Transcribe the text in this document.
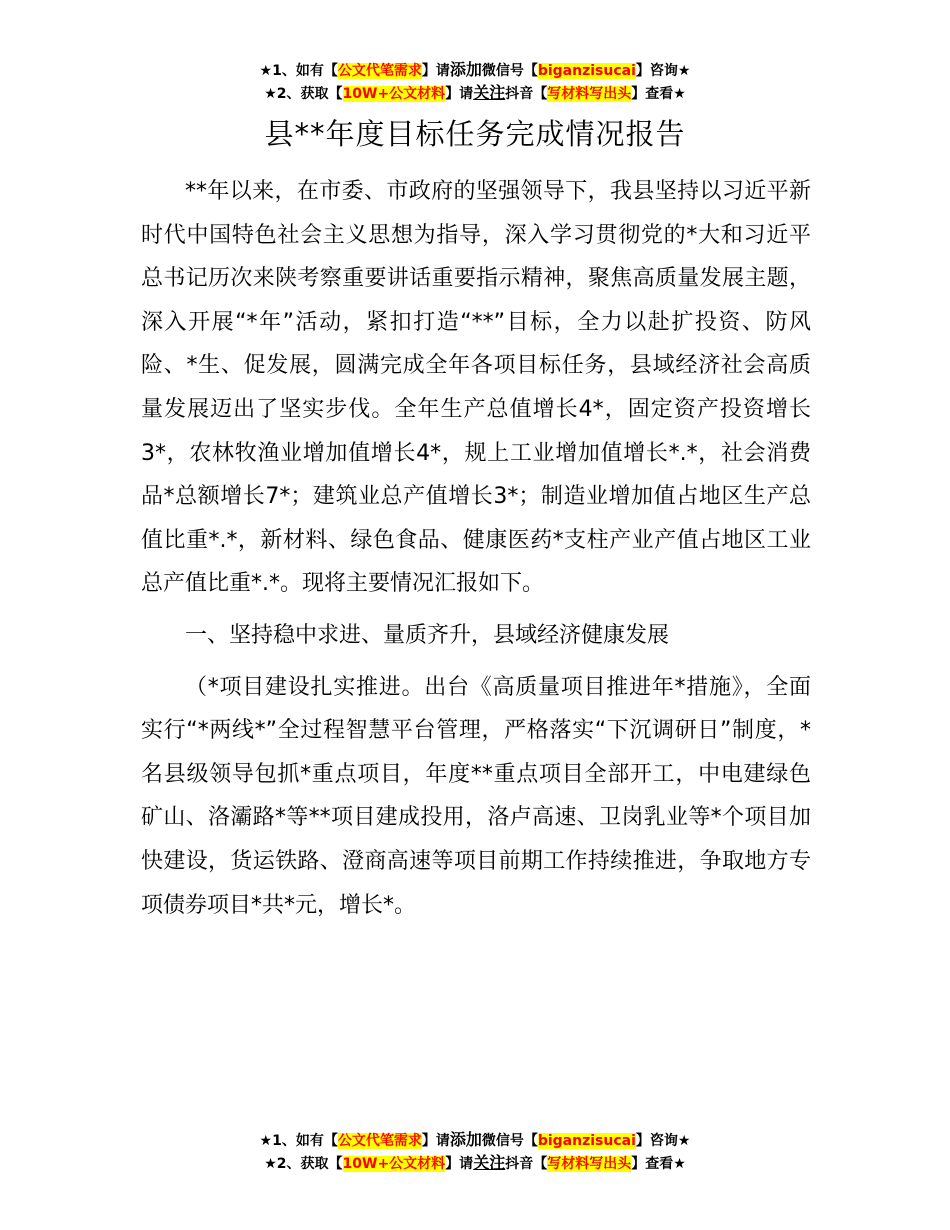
★1、如有【公文代笔需求】请添加微信号【biganzisucai】咨询★
★2、获取【10W+公文材料】请关注抖音【写材料写出头】查看★
县**年度目标任务完成情况报告

**年以来，在市委、市政府的坚强领导下，我县坚持以习近平新时代中国特色社会主义思想为指导，深入学习贯彻党的*大和习近平总书记历次来陕考察重要讲话重要指示精神，聚焦高质量发展主题，深入开展“*年”活动，紧扣打造“**”目标，全力以赴扩投资、防风险、*生、促发展，圆满完成全年各项目标任务，县域经济社会高质量发展迈出了坚实步伐。全年生产总值增长4*，固定资产投资增长3*，农林牧渔业增加值增长4*，规上工业增加值增长*.*，社会消费品*总额增长7*；建筑业总产值增长3*；制造业增加值占地区生产总值比重*.*，新材料、绿色食品、健康医药*支柱产业产值占地区工业总产值比重*.*。现将主要情况汇报如下。

一、坚持稳中求进、量质齐升，县域经济健康发展

（*项目建设扎实推进。出台《高质量项目推进年*措施》，全面实行“*两线*”全过程智慧平台管理，严格落实“下沉调研日”制度，*名县级领导包抓*重点项目，年度**重点项目全部开工，中电建绿色矿山、洛灞路*等**项目建成投用，洛卢高速、卫岗乳业等*个项目加快建设，货运铁路、澄商高速等项目前期工作持续推进，争取地方专项债券项目*共*元，增长*。

★1、如有【公文代笔需求】请添加微信号【biganzisucai】咨询★
★2、获取【10W+公文材料】请关注抖音【写材料写出头】查看★
